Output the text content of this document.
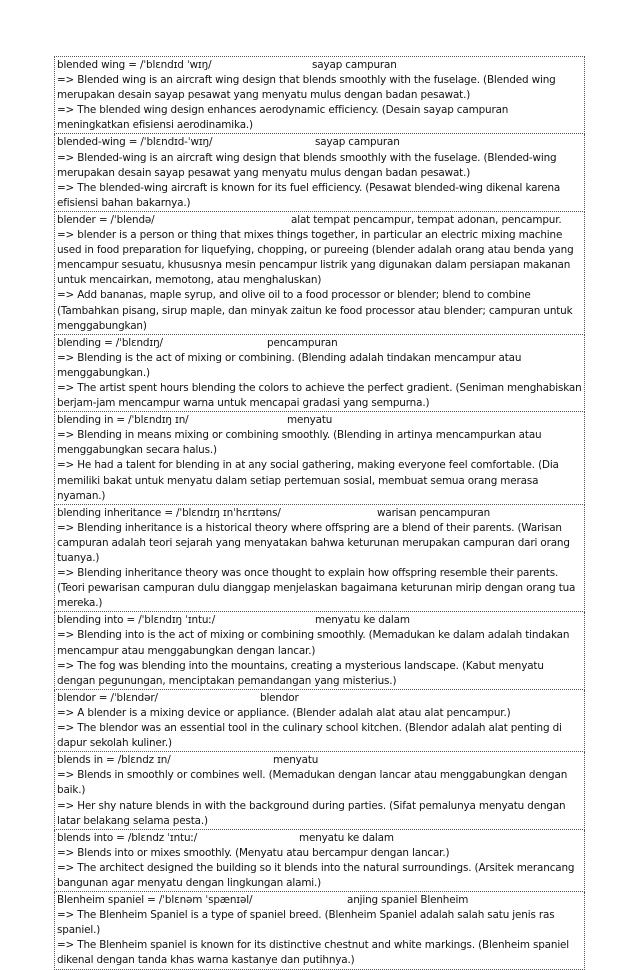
blended wing = /ˈblɛndɪd ˈwɪŋ/	sayap campuran
=> Blended wing is an aircraft wing design that blends smoothly with the fuselage. (Blended wing merupakan desain sayap pesawat yang menyatu mulus dengan badan pesawat.)
=> The blended wing design enhances aerodynamic efficiency. (Desain sayap campuran meningkatkan efisiensi aerodinamika.)
blended-wing = /ˈblɛndɪd-ˈwɪŋ/	sayap campuran
=> Blended-wing is an aircraft wing design that blends smoothly with the fuselage. (Blended-wing merupakan desain sayap pesawat yang menyatu mulus dengan badan pesawat.)
=> The blended-wing aircraft is known for its fuel efficiency. (Pesawat blended-wing dikenal karena efisiensi bahan bakarnya.)
blender = /ˈblendə/	alat tempat pencampur, tempat adonan, pencampur.
=> blender is a person or thing that mixes things together, in particular an electric mixing machine used in food preparation for liquefying, chopping, or pureeing (blender adalah orang atau benda yang mencampur sesuatu, khususnya mesin pencampur listrik yang digunakan dalam persiapan makanan untuk mencairkan, memotong, atau menghaluskan)
=> Add bananas, maple syrup, and olive oil to a food processor or blender; blend to combine (Tambahkan pisang, sirup maple, dan minyak zaitun ke food processor atau blender; campuran untuk menggabungkan)
blending = /ˈblɛndɪŋ/	pencampuran
=> Blending is the act of mixing or combining. (Blending adalah tindakan mencampur atau menggabungkan.)
=> The artist spent hours blending the colors to achieve the perfect gradient. (Seniman menghabiskan berjam-jam mencampur warna untuk mencapai gradasi yang sempurna.)
blending in = /ˈblɛndɪŋ ɪn/	menyatu
=> Blending in means mixing or combining smoothly. (Blending in artinya mencampurkan atau menggabungkan secara halus.)
=> He had a talent for blending in at any social gathering, making everyone feel comfortable. (Dia memiliki bakat untuk menyatu dalam setiap pertemuan sosial, membuat semua orang merasa nyaman.)
blending inheritance = /ˈblɛndɪŋ ɪnˈhɛrɪtəns/	warisan pencampuran
=> Blending inheritance is a historical theory where offspring are a blend of their parents. (Warisan campuran adalah teori sejarah yang menyatakan bahwa keturunan merupakan campuran dari orang tuanya.)
=> Blending inheritance theory was once thought to explain how offspring resemble their parents. (Teori pewarisan campuran dulu dianggap menjelaskan bagaimana keturunan mirip dengan orang tua mereka.)
blending into = /ˈblɛndɪŋ ˈɪntuː/	menyatu ke dalam
=> Blending into is the act of mixing or combining smoothly. (Memadukan ke dalam adalah tindakan mencampur atau menggabungkan dengan lancar.)
=> The fog was blending into the mountains, creating a mysterious landscape. (Kabut menyatu dengan pegunungan, menciptakan pemandangan yang misterius.)
blendor = /ˈblɛndər/	blendor
=> A blender is a mixing device or appliance. (Blender adalah alat atau alat pencampur.)
=> The blendor was an essential tool in the culinary school kitchen. (Blendor adalah alat penting di dapur sekolah kuliner.)
blends in = /blɛndz ɪn/	menyatu
=> Blends in smoothly or combines well. (Memadukan dengan lancar atau menggabungkan dengan baik.)
=> Her shy nature blends in with the background during parties. (Sifat pemalunya menyatu dengan latar belakang selama pesta.)
blends into = /blɛndz ˈɪntuː/	menyatu ke dalam
=> Blends into or mixes smoothly. (Menyatu atau bercampur dengan lancar.)
=> The architect designed the building so it blends into the natural surroundings. (Arsitek merancang bangunan agar menyatu dengan lingkungan alami.)
Blenheim spaniel = /ˈblɛnəm ˈspænɪəl/	anjing spaniel Blenheim
=> The Blenheim Spaniel is a type of spaniel breed. (Blenheim Spaniel adalah salah satu jenis ras spaniel.)
=> The Blenheim spaniel is known for its distinctive chestnut and white markings. (Blenheim spaniel dikenal dengan tanda khas warna kastanye dan putihnya.)
